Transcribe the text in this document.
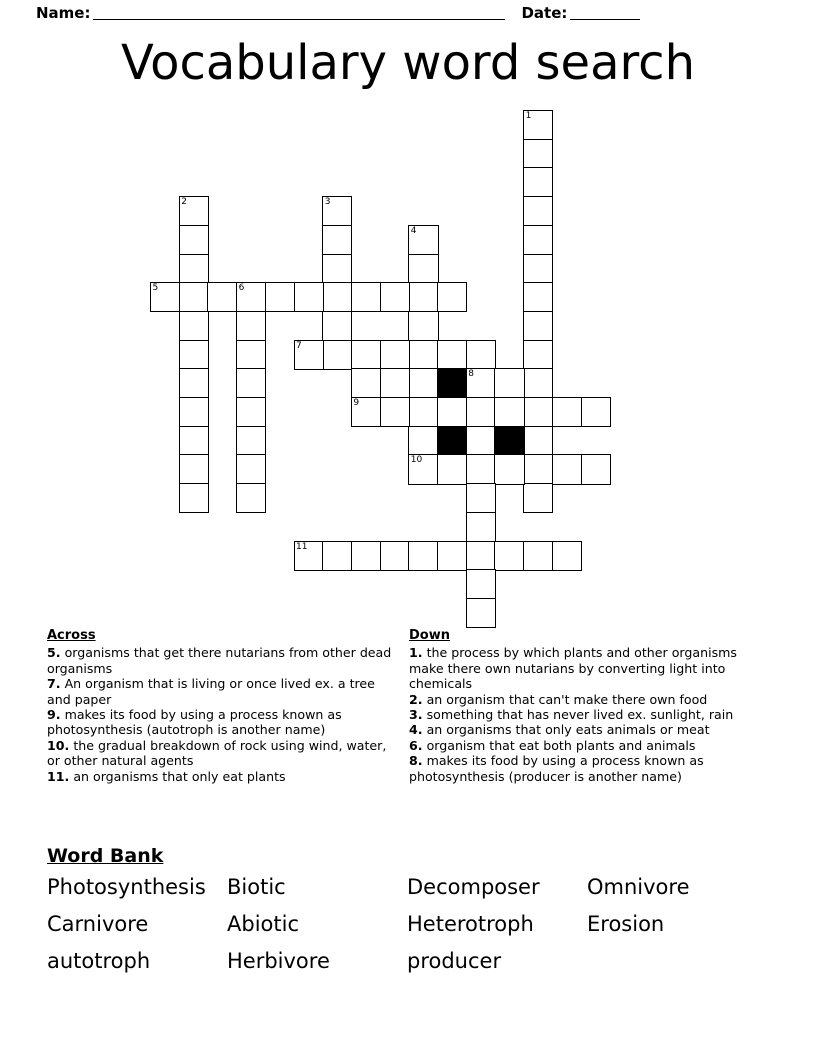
Name:	Date:
Vocabulary word search
1
2	3
4
5	6
7
8
9
10
11
Across
5. organisms that get there nutarians from other dead organisms
7. An organism that is living or once lived ex. a tree and paper
9. makes its food by using a process known as photosynthesis (autotroph is another name)
10. the gradual breakdown of rock using wind, water, or other natural agents
11. an organisms that only eat plants
Down
1. the process by which plants and other organisms make there own nutarians by converting light into chemicals
2. an organism that can't make there own food
3. something that has never lived ex. sunlight, rain
4. an organisms that only eats animals or meat
6. organism that eat both plants and animals
8. makes its food by using a process known as photosynthesis (producer is another name)
Word Bank
Photosynthesis	Biotic	Decomposer	Omnivore
Carnivore	Abiotic	Heterotroph	Erosion
autotroph	Herbivore	producer
